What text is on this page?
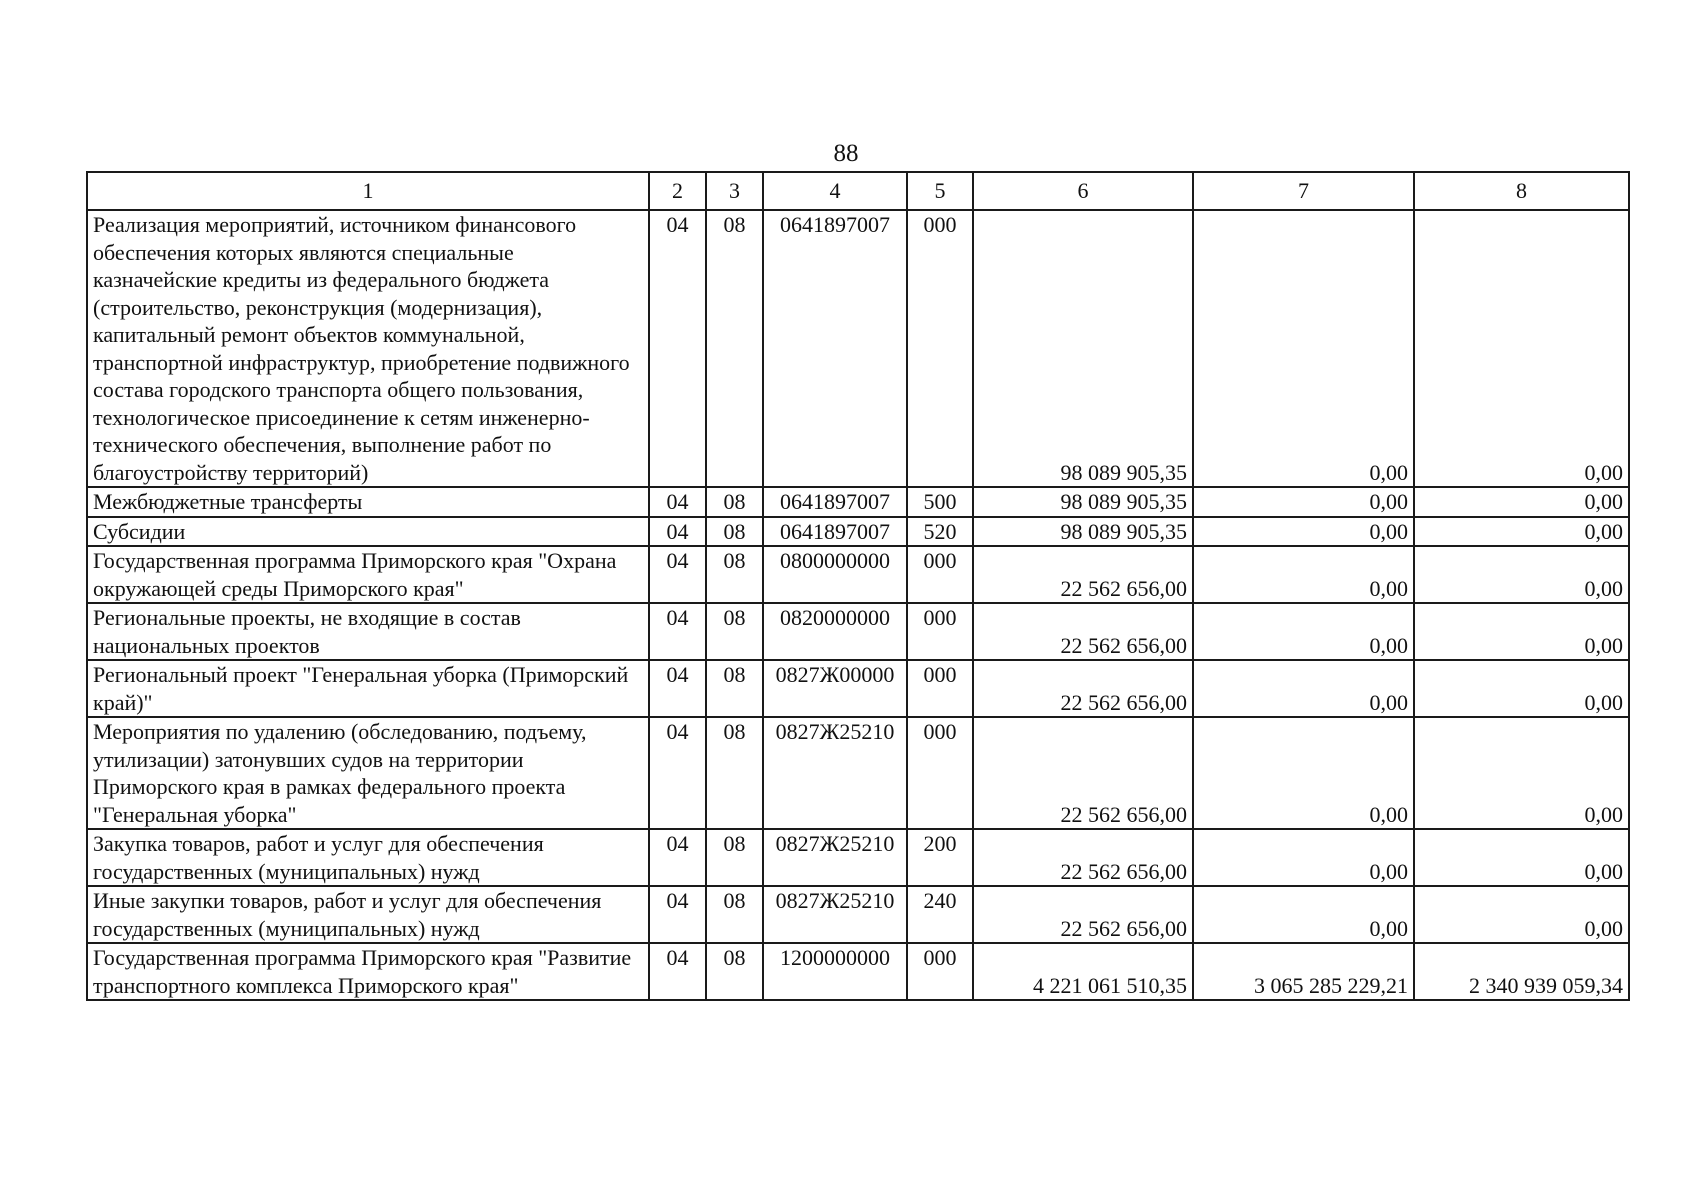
88
1	2	3	4	5	6	7	8
Реализация мероприятий, источником финансового обеспечения которых являются специальные казначейские кредиты из федерального бюджета (строительство, реконструкция (модернизация), капитальный ремонт объектов коммунальной, транспортной инфраструктур, приобретение подвижного состава городского транспорта общего пользования, технологическое присоединение к сетям инженерно-технического обеспечения, выполнение работ по благоустройству территорий)	04	08	0641897007	000	98 089 905,35	0,00	0,00
Межбюджетные трансферты	04	08	0641897007	500	98 089 905,35	0,00	0,00
Субсидии	04	08	0641897007	520	98 089 905,35	0,00	0,00
Государственная программа Приморского края "Охрана окружающей среды Приморского края"	04	08	0800000000	000	22 562 656,00	0,00	0,00
Региональные проекты, не входящие в состав национальных проектов	04	08	0820000000	000	22 562 656,00	0,00	0,00
Региональный проект "Генеральная уборка (Приморский край)"	04	08	0827Ж00000	000	22 562 656,00	0,00	0,00
Мероприятия по удалению (обследованию, подъему, утилизации) затонувших судов на территории Приморского края в рамках федерального проекта "Генеральная уборка"	04	08	0827Ж25210	000	22 562 656,00	0,00	0,00
Закупка товаров, работ и услуг для обеспечения государственных (муниципальных) нужд	04	08	0827Ж25210	200	22 562 656,00	0,00	0,00
Иные закупки товаров, работ и услуг для обеспечения государственных (муниципальных) нужд	04	08	0827Ж25210	240	22 562 656,00	0,00	0,00
Государственная программа Приморского края "Развитие транспортного комплекса Приморского края"	04	08	1200000000	000	4 221 061 510,35	3 065 285 229,21	2 340 939 059,34
